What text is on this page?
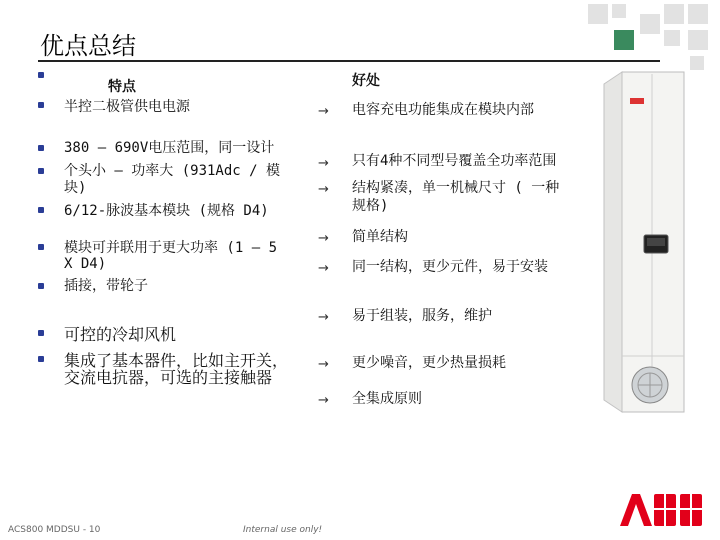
优点总结
特点	好处
半控二极管供电电源
380 – 690V电压范围，同一设计
个头小 – 功率大 (931Adc / 模
块)
6/12-脉波基本模块 (规格 D4)
模块可并联用于更大功率 (1 – 5
X D4)
插接，带轮子
可控的冷却风机
集成了基本器件，比如主开关，
交流电抗器，可选的主接触器
→ 电容充电功能集成在模块内部
→ 只有4种不同型号覆盖全功率范围
→ 结构紧凑，单一机械尺寸 ( 一种
规格)
→ 简单结构
→ 同一结构，更少元件，易于安装
→ 易于组装，服务，维护
→ 更少噪音，更少热量损耗
→ 全集成原则
ACS800 MDDSU - 10	Internal use only!
